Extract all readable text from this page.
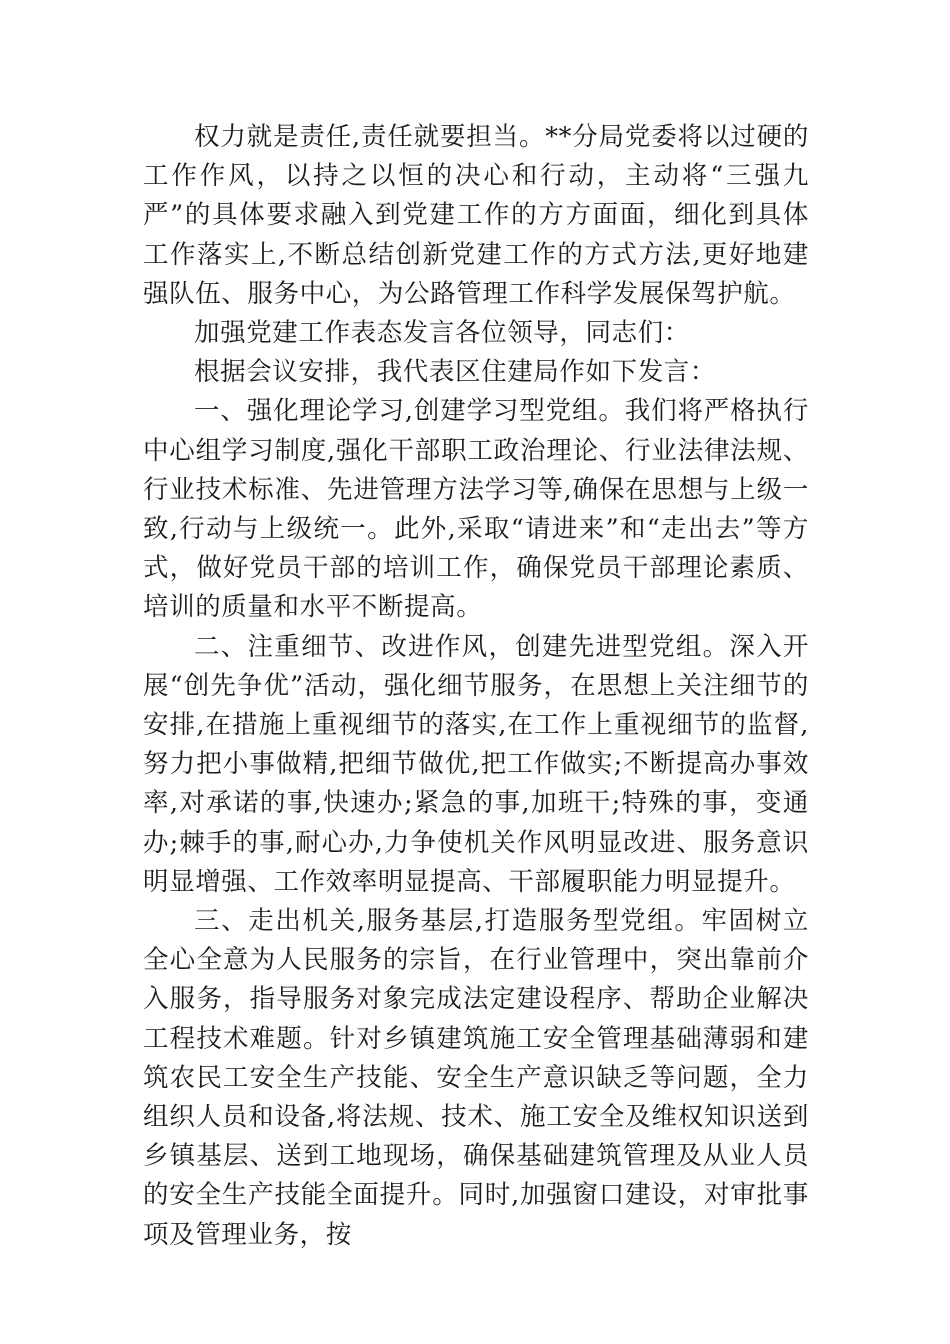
权力就是责任,责任就要担当。**分局党委将以过硬的工作作风，以持之以恒的决心和行动，主动将“三强九严”的具体要求融入到党建工作的方方面面，细化到具体工作落实上,不断总结创新党建工作的方式方法,更好地建强队伍、服务中心，为公路管理工作科学发展保驾护航。

加强党建工作表态发言各位领导，同志们：

根据会议安排，我代表区住建局作如下发言：

一、强化理论学习,创建学习型党组。我们将严格执行中心组学习制度,强化干部职工政治理论、行业法律法规、行业技术标准、先进管理方法学习等,确保在思想与上级一致,行动与上级统一。此外,采取“请进来”和“走出去”等方式，做好党员干部的培训工作，确保党员干部理论素质、培训的质量和水平不断提高。

二、注重细节、改进作风，创建先进型党组。深入开展“创先争优”活动，强化细节服务，在思想上关注细节的安排,在措施上重视细节的落实,在工作上重视细节的监督,努力把小事做精,把细节做优,把工作做实;不断提高办事效率,对承诺的事,快速办;紧急的事,加班干;特殊的事，变通办;棘手的事,耐心办,力争使机关作风明显改进、服务意识明显增强、工作效率明显提高、干部履职能力明显提升。

三、走出机关,服务基层,打造服务型党组。牢固树立全心全意为人民服务的宗旨，在行业管理中，突出靠前介入服务，指导服务对象完成法定建设程序、帮助企业解决工程技术难题。针对乡镇建筑施工安全管理基础薄弱和建筑农民工安全生产技能、安全生产意识缺乏等问题，全力组织人员和设备,将法规、技术、施工安全及维权知识送到乡镇基层、送到工地现场，确保基础建筑管理及从业人员的安全生产技能全面提升。同时,加强窗口建设，对审批事项及管理业务，按
